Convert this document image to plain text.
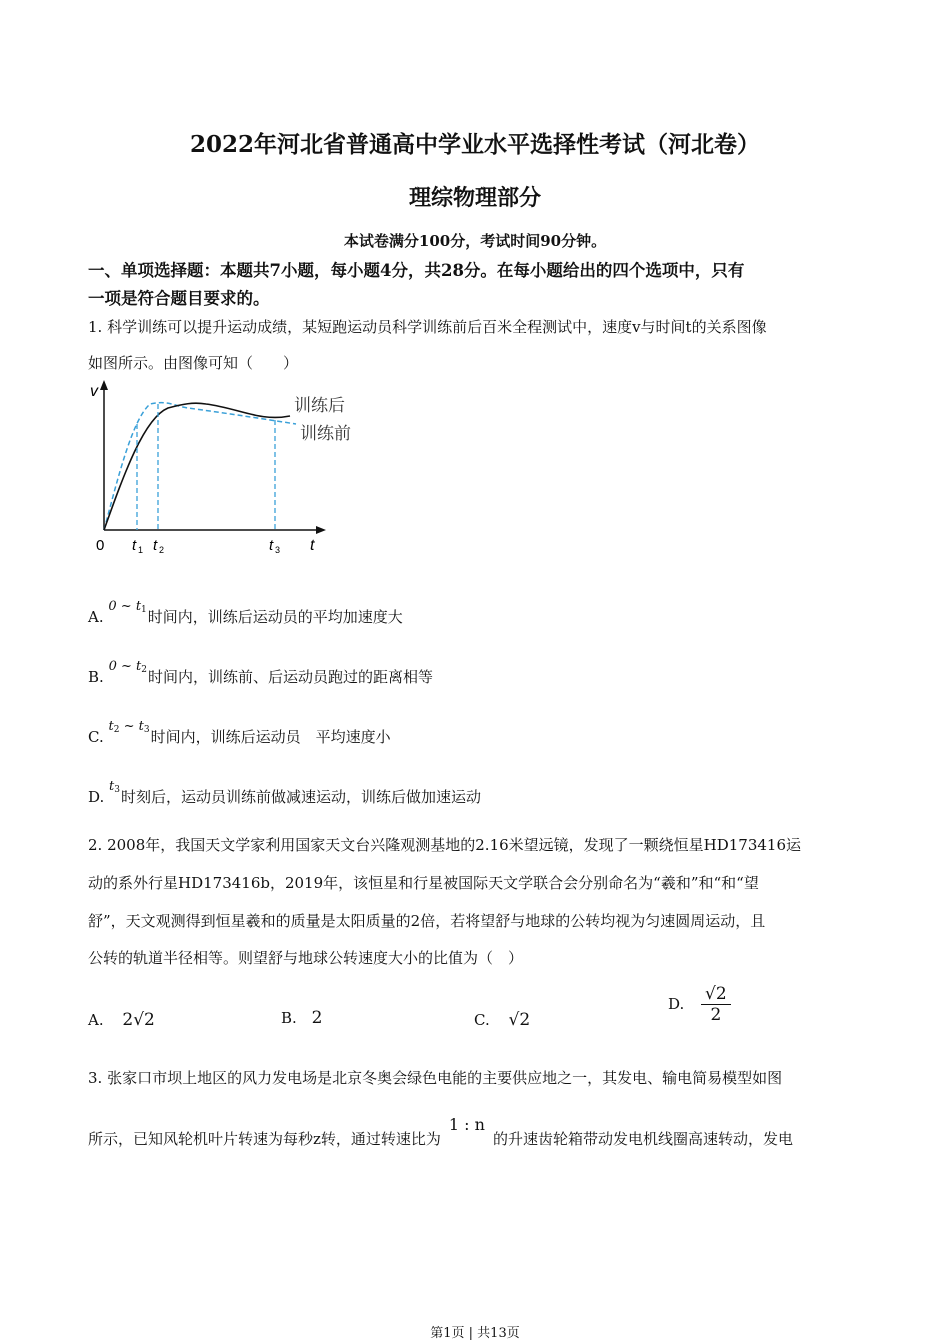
2022年河北省普通高中学业水平选择性考试（河北卷）
理综物理部分
本试卷满分100分，考试时间90分钟。
一、单项选择题：本题共7小题，每小题4分，共28分。在每小题给出的四个选项中，只有
一项是符合题目要求的。
1. 科学训练可以提升运动成绩，某短跑运动员科学训练前后百米全程测试中，速度v与时间t的关系图像
如图所示。由图像可知（　　）
v
t
0 t 1 t 2	t 3
训练后
训练前
A. 0 ~ $t_1$时间内，训练后运动员的平均加速度大
B. 0 ~ $t_2$时间内，训练前、后运动员跑过的距离相等
C. $t_2$ ~ $t_3$时间内，训练后运动员　平均速度小
D. $t_3$时刻后，运动员训练前做减速运动，训练后做加速运动
2. 2008年，我国天文学家利用国家天文台兴隆观测基地的2.16米望远镜，发现了一颗绕恒星HD173416运
动的系外行星HD173416b，2019年，该恒星和行星被国际天文学联合会分别命名为“羲和”和“和“望
舒”，天文观测得到恒星羲和的质量是太阳质量的2倍，若将望舒与地球的公转均视为匀速圆周运动，且
公转的轨道半径相等。则望舒与地球公转速度大小的比值为（　）
A. 2√2	B. 2	C. √2
D. $\frac{√2}{2}$
3. 张家口市坝上地区的风力发电场是北京冬奥会绿色电能的主要供应地之一，其发电、输电简易模型如图
所示，已知风轮机叶片转速为每秒z转，通过转速比为1 : n的升速齿轮箱带动发电机线圈高速转动，发电
第1页 | 共13页
